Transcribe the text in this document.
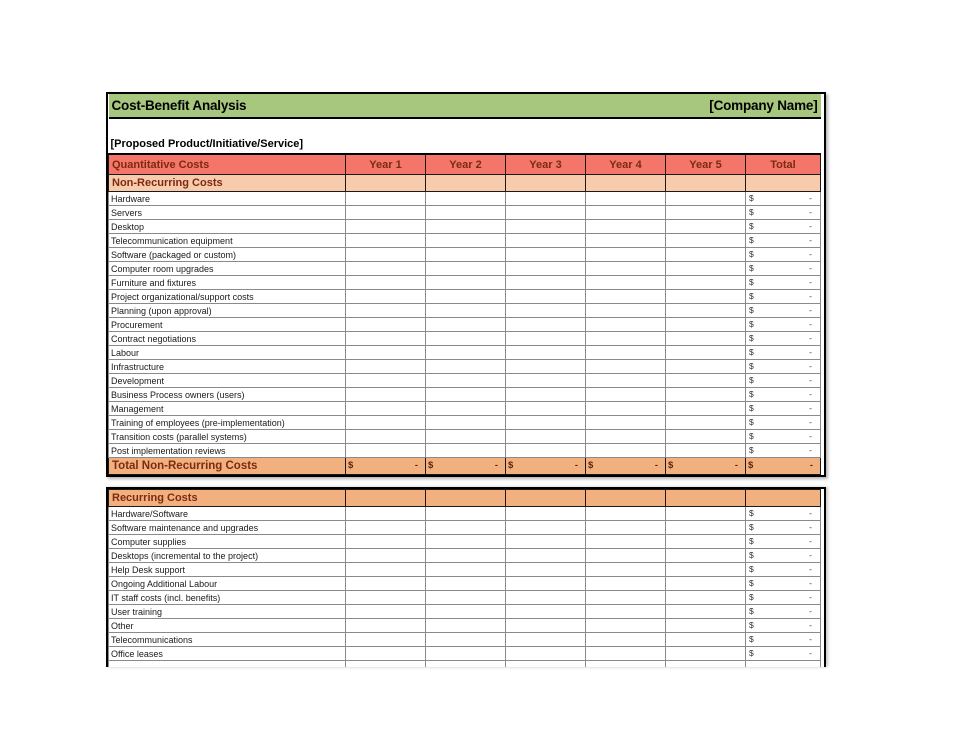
Cost-Benefit Analysis [Company Name]						

[Proposed Product/Initiative/Service]						
Quantitative Costs	Year 1	Year 2	Year 3	Year 4	Year 5	Total
Non-Recurring Costs						
Hardware						$ -

Servers						$ -

Desktop						$ -

Telecommunication equipment						$ -

Software (packaged or custom)						$ -

Computer room upgrades						$ -

Furniture and fixtures						$ -

Project organizational/support costs						$ -

Planning (upon approval)						$ -

Procurement						$ -

Contract negotiations						$ -

Labour						$ -

Infrastructure						$ -

Development						$ -

Business Process owners (users)						$ -

Management						$ -

Training of employees (pre-implementation)						$ -

Transition costs (parallel systems)						$ -

Post implementation reviews						$ -

Total Non-Recurring Costs	$ -	$ -	$ -	$ -	$ -	$ -
Recurring Costs						
Hardware/Software						$ -

Software maintenance and upgrades						$ -

Computer supplies						$ -

Desktops (incremental to the project)						$ -

Help Desk support						$ -

Ongoing Additional Labour						$ -

IT staff costs (incl. benefits)						$ -

User training						$ -

Other						$ -

Telecommunications						$ -

Office leases						$ -
